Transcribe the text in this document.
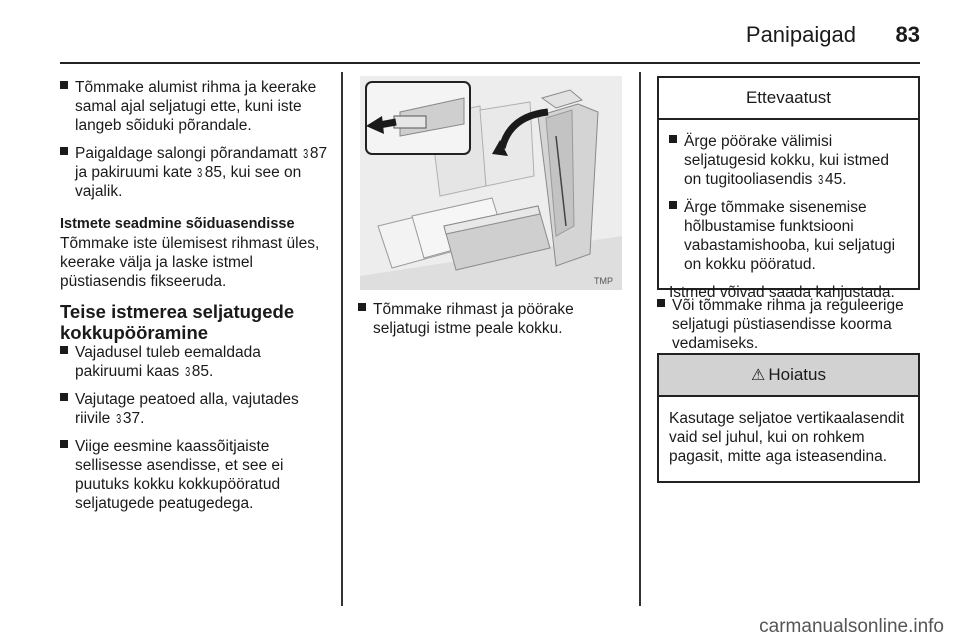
Panipaigad 83
Tõmmake alumist rihma ja keerake samal ajal seljatugi ette, kuni iste langeb sõiduki põrandale.
Paigaldage salongi põrandamatt 3 87 ja pakiruumi kate 3 85, kui see on vajalik.
Istmete seadmine sõiduasendisse
Tõmmake iste ülemisest rihmast üles, keerake välja ja laske istmel püstiasendis fikseeruda.
Teise istmerea seljatugede kokkupööramine
Vajadusel tuleb eemaldada pakiruumi kaas 3 85.
Vajutage peatoed alla, vajutades riivile 3 37.
Viige eesmine kaassõitjaiste sellisesse asendisse, et see ei puutuks kokku kokkupööratud seljatugede peatugedega.
TMP
Tõmmake rihmast ja pöörake seljatugi istme peale kokku.
Ettevaatust
Ärge pöörake välimisi seljatugesid kokku, kui istmed on tugitooliasendis 3 45.
Ärge tõmmake sisenemise hõlbustamise funktsiooni vabastamishooba, kui seljatugi on kokku pööratud.
Istmed võivad saada kahjustada.
Või tõmmake rihma ja reguleerige seljatugi püstiasendisse koorma vedamiseks.
⚠ Hoiatus
Kasutage seljatoe vertikaalasendit vaid sel juhul, kui on rohkem pagasit, mitte aga isteasendina.
carmanualsonline.info
